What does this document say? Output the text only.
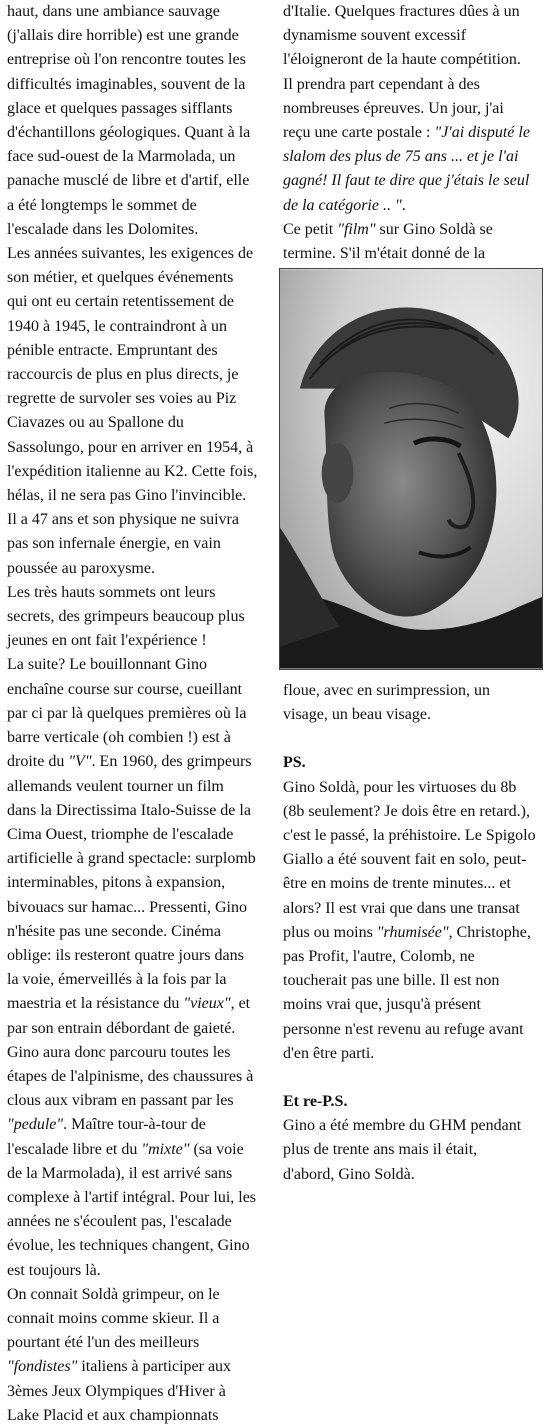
haut, dans une ambiance sauvage
(j'allais dire horrible) est une grande
entreprise où l'on rencontre toutes les
difficultés imaginables, souvent de la
glace et quelques passages sifflants
d'échantillons géologiques. Quant à la
face sud-ouest de la Marmolada, un
panache musclé de libre et d'artif, elle
a été longtemps le sommet de
l'escalade dans les Dolomites.

Les années suivantes, les exigences de
son métier, et quelques événements
qui ont eu certain retentissement de
1940 à 1945, le contraindront à un
pénible entracte. Empruntant des
raccourcis de plus en plus directs, je
regrette de survoler ses voies au Piz
Ciavazes ou au Spallone du
Sassolungo, pour en arriver en 1954, à
l'expédition italienne au K2. Cette fois,
hélas, il ne sera pas Gino l'invincible.
Il a 47 ans et son physique ne suivra
pas son infernale énergie, en vain
poussée au paroxysme.

Les très hauts sommets ont leurs
secrets, des grimpeurs beaucoup plus
jeunes en ont fait l'expérience !

La suite? Le bouillonnant Gino
enchaîne course sur course, cueillant
par ci par là quelques premières où la
barre verticale (oh combien !) est à
droite du "V". En 1960, des grimpeurs
allemands veulent tourner un film
dans la Directissima Italo-Suisse de la
Cima Ouest, triomphe de l'escalade
artificielle à grand spectacle: surplomb
interminables, pitons à expansion,
bivouacs sur hamac... Pressenti, Gino
n'hésite pas une seconde. Cinéma
oblige: ils resteront quatre jours dans
la voie, émerveillés à la fois par la
maestria et la résistance du "vieux", et
par son entrain débordant de gaieté.
Gino aura donc parcouru toutes les
étapes de l'alpinisme, des chaussures à
clous aux vibram en passant par les
"pedule". Maître tour-à-tour de
l'escalade libre et du "mixte" (sa voie
de la Marmolada), il est arrivé sans
complexe à l'artif intégral. Pour lui, les
années ne s'écoulent pas, l'escalade
évolue, les techniques changent, Gino
est toujours là.

On connait Soldà grimpeur, on le
connait moins comme skieur. Il a
pourtant été l'un des meilleurs
"fondistes" italiens à participer aux
3èmes Jeux Olympiques d'Hiver à
Lake Placid et aux championnats

d'Italie. Quelques fractures dûes à un
dynamisme souvent excessif
l'éloigneront de la haute compétition.
Il prendra part cependant à des
nombreuses épreuves. Un jour, j'ai
reçu une carte postale : "J'ai disputé le
slalom des plus de 75 ans ... et je l'ai
gagné! Il faut te dire que j'étais le seul
de la catégorie .. ".

Ce petit "film" sur Gino Soldà se
termine. S'il m'était donné de la

floue, avec en surimpression, un
visage, un beau visage.

PS.

Gino Soldà, pour les virtuoses du 8b
(8b seulement? Je dois être en retard.),
c'est le passé, la préhistoire. Le Spigolo
Giallo a été souvent fait en solo, peut-
être en moins de trente minutes... et
alors? Il est vrai que dans une transat
plus ou moins "rhumisée", Christophe,
pas Profit, l'autre, Colomb, ne
toucherait pas une bille. Il est non
moins vrai que, jusqu'à présent
personne n'est revenu au refuge avant
d'en être parti.

Et re-P.S.

Gino a été membre du GHM pendant
plus de trente ans mais il était,
d'abord, Gino Soldà.
